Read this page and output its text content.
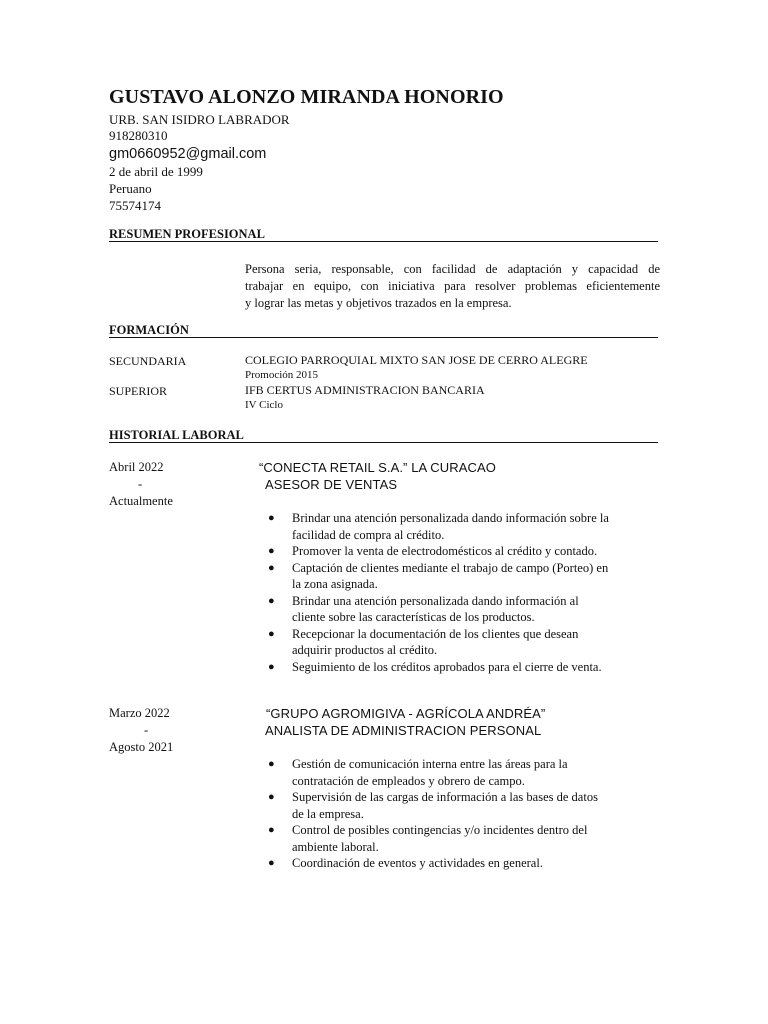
GUSTAVO ALONZO MIRANDA HONORIO
URB. SAN ISIDRO LABRADOR
918280310
gm0660952@gmail.com
2 de abril de 1999
Peruano
75574174
RESUMEN PROFESIONAL
Persona seria, responsable, con facilidad de adaptación y capacidad de
trabajar en equipo, con iniciativa para resolver problemas eficientemente
y lograr las metas y objetivos trazados en la empresa.
FORMACIÓN
SECUNDARIA	COLEGIO PARROQUIAL MIXTO SAN JOSE DE CERRO ALEGRE
Promoción 2015
SUPERIOR	IFB CERTUS ADMINISTRACION BANCARIA
IV Ciclo
HISTORIAL LABORAL
Abril 2022
-
Actualmente
“CONECTA RETAIL S.A.” LA CURACAO
ASESOR DE VENTAS
● Brindar una atención personalizada dando información sobre la
facilidad de compra al crédito.
● Promover la venta de electrodomésticos al crédito y contado.
● Captación de clientes mediante el trabajo de campo (Porteo) en
la zona asignada.
● Brindar una atención personalizada dando información al
cliente sobre las características de los productos.
● Recepcionar la documentación de los clientes que desean
adquirir productos al crédito.
● Seguimiento de los créditos aprobados para el cierre de venta.
Marzo 2022
-
Agosto 2021
“GRUPO AGROMIGIVA - AGRÍCOLA ANDRÉA”
ANALISTA DE ADMINISTRACION PERSONAL
● Gestión de comunicación interna entre las áreas para la
contratación de empleados y obrero de campo.
● Supervisión de las cargas de información a las bases de datos
de la empresa.
● Control de posibles contingencias y/o incidentes dentro del
ambiente laboral.
● Coordinación de eventos y actividades en general.
